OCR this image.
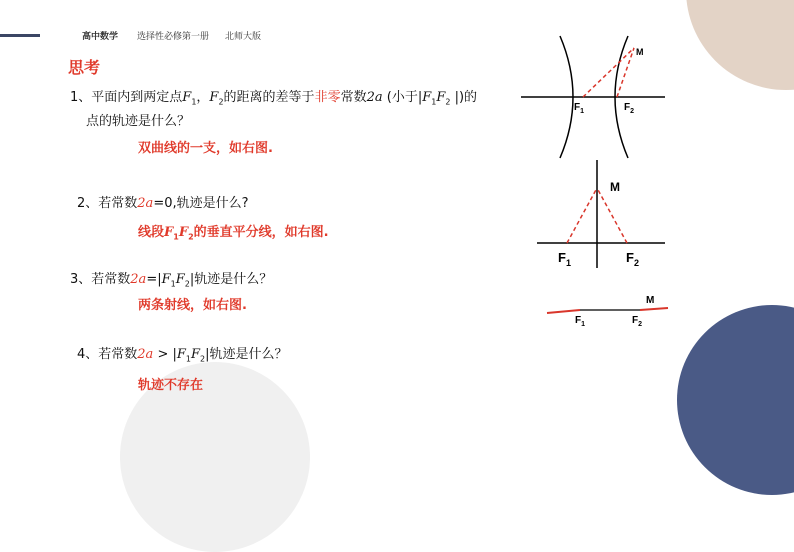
高中数学 选择性必修第一册 北师大版
思考
1、平面内到两定点$F_1$，$F_2$的距离的差等于非零常数2a (小于$|F_1F_2$ |)的
点的轨迹是什么？
双曲线的一支，如右图.
2、若常数2a=0,轨迹是什么?
线段$F_1F_2$的垂直平分线，如右图.
3、若常数$2a=|F_1F_2|$轨迹是什么？
两条射线，如右图.
4、若常数$2a > |F_1F_2|$轨迹是什么？
轨迹不存在
M
$F_1$	$F_2$
M
$F_1$	$F_2$
M
$F_1$	$F_2$
